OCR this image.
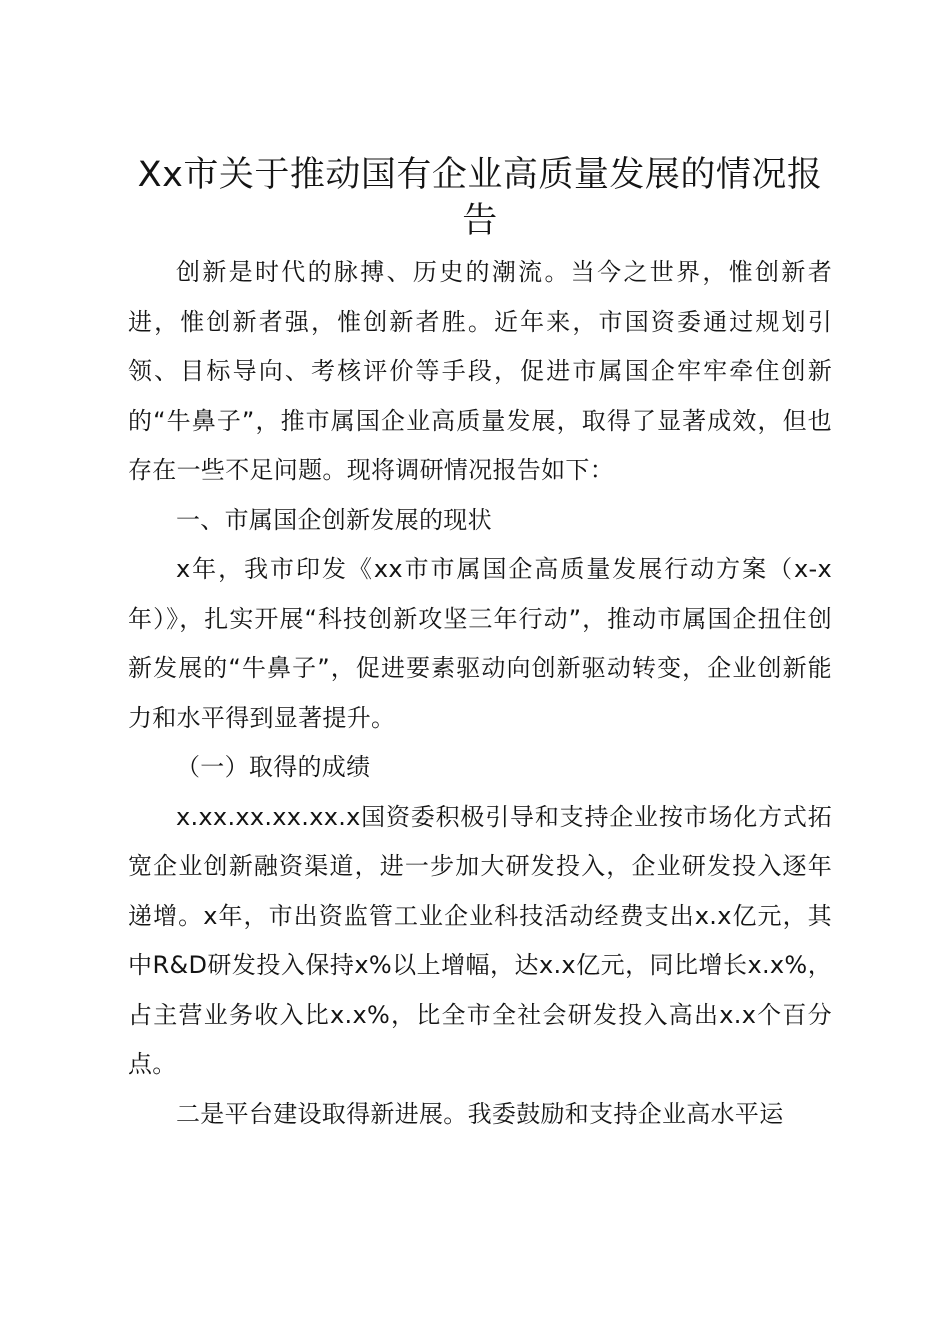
Xx市关于推动国有企业高质量发展的情况报告

创新是时代的脉搏、历史的潮流。当今之世界，惟创新者进，惟创新者强，惟创新者胜。近年来，市国资委通过规划引领、目标导向、考核评价等手段，促进市属国企牢牢牵住创新的“牛鼻子”，推市属国企业高质量发展，取得了显著成效，但也存在一些不足问题。现将调研情况报告如下：

一、市属国企创新发展的现状

x年，我市印发《xx市市属国企高质量发展行动方案（x-x年）》，扎实开展“科技创新攻坚三年行动”，推动市属国企扭住创新发展的“牛鼻子”，促进要素驱动向创新驱动转变，企业创新能力和水平得到显著提升。

（一）取得的成绩

x.xx.xx.xx.xx.x国资委积极引导和支持企业按市场化方式拓宽企业创新融资渠道，进一步加大研发投入，企业研发投入逐年递增。x年，市出资监管工业企业科技活动经费支出x.x亿元，其中R&D研发投入保持x%以上增幅，达x.x亿元，同比增长x.x%，占主营业务收入比x.x%，比全市全社会研发投入高出x.x个百分点。

二是平台建设取得新进展。我委鼓励和支持企业高水平运
